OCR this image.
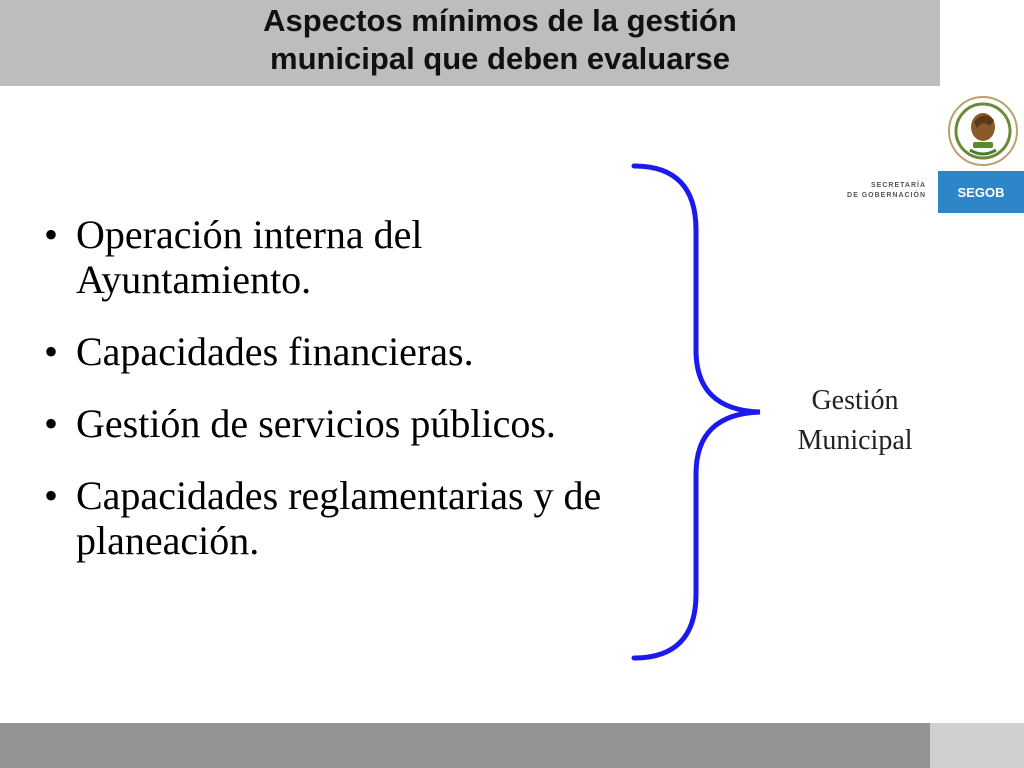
Aspectos mínimos de la gestión
municipal que deben evaluarse
SECRETARÍA
DE GOBERNACIÓN SEGOB
• Operación interna del Ayuntamiento.
• Capacidades financieras.
• Gestión de servicios públicos.
• Capacidades reglamentarias y de planeación.
Gestión
Municipal
